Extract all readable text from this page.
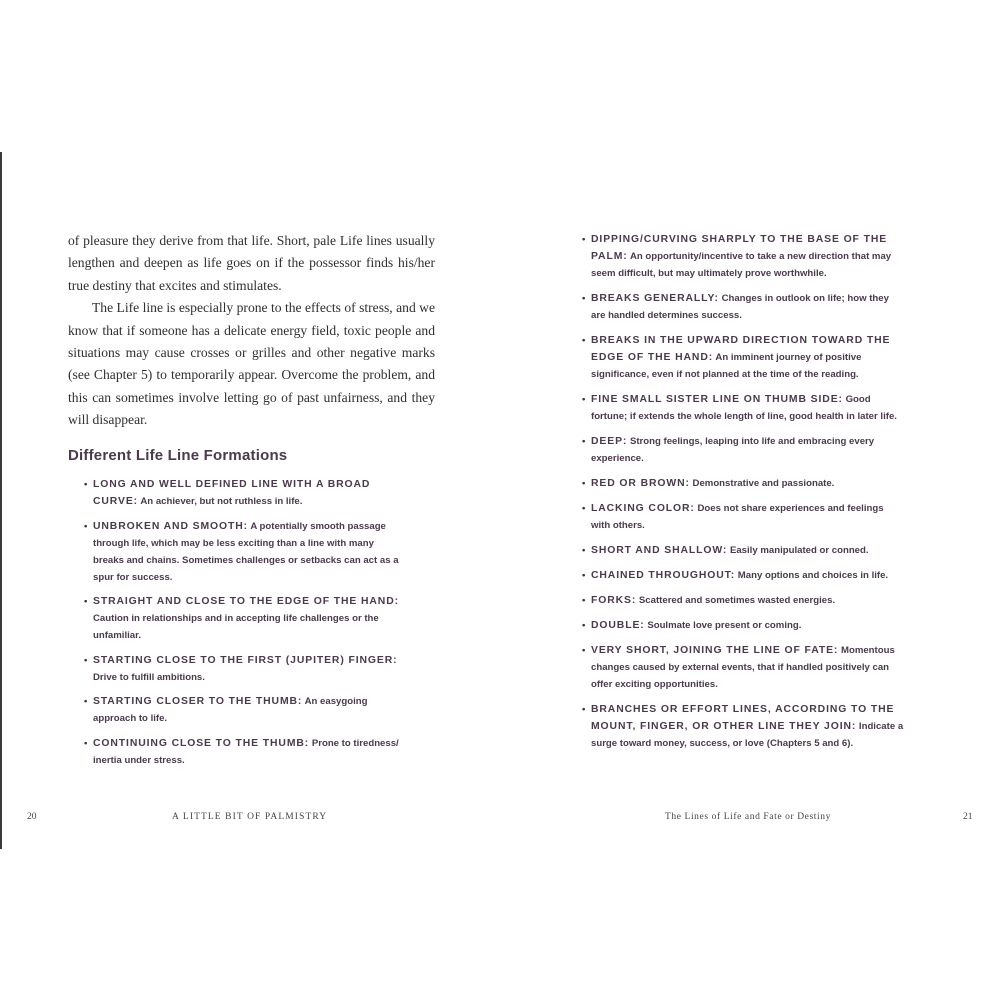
of pleasure they derive from that life. Short, pale Life lines usually lengthen and deepen as life goes on if the possessor finds his/her true destiny that excites and stimulates.

The Life line is especially prone to the effects of stress, and we know that if someone has a delicate energy field, toxic people and situations may cause crosses or grilles and other negative marks (see Chapter 5) to temporarily appear. Overcome the problem, and this can sometimes involve letting go of past unfairness, and they will disappear.

Different Life Line Formations
• LONG AND WELL DEFINED LINE WITH A BROAD CURVE: An achiever, but not ruthless in life.
• UNBROKEN AND SMOOTH: A potentially smooth passage through life, which may be less exciting than a line with many breaks and chains. Sometimes challenges or setbacks can act as a spur for success.
• STRAIGHT AND CLOSE TO THE EDGE OF THE HAND: Caution in relationships and in accepting life challenges or the unfamiliar.
• STARTING CLOSE TO THE FIRST (JUPITER) FINGER: Drive to fulfill ambitions.
• STARTING CLOSER TO THE THUMB: An easygoing approach to life.
• CONTINUING CLOSE TO THE THUMB: Prone to tiredness/ inertia under stress.
20	A LITTLE BIT OF PALMISTRY
• DIPPING/CURVING SHARPLY TO THE BASE OF THE PALM: An opportunity/incentive to take a new direction that may seem difficult, but may ultimately prove worthwhile.
• BREAKS GENERALLY: Changes in outlook on life; how they are handled determines success.
• BREAKS IN THE UPWARD DIRECTION TOWARD THE EDGE OF THE HAND: An imminent journey of positive significance, even if not planned at the time of the reading.
• FINE SMALL SISTER LINE ON THUMB SIDE: Good fortune; if extends the whole length of line, good health in later life.
• DEEP: Strong feelings, leaping into life and embracing every experience.
• RED OR BROWN: Demonstrative and passionate.
• LACKING COLOR: Does not share experiences and feelings with others.
• SHORT AND SHALLOW: Easily manipulated or conned.
• CHAINED THROUGHOUT: Many options and choices in life.
• FORKS: Scattered and sometimes wasted energies.
• DOUBLE: Soulmate love present or coming.
• VERY SHORT, JOINING THE LINE OF FATE: Momentous changes caused by external events, that if handled positively can offer exciting opportunities.
• BRANCHES OR EFFORT LINES, ACCORDING TO THE MOUNT, FINGER, OR OTHER LINE THEY JOIN: Indicate a surge toward money, success, or love (Chapters 5 and 6).
The Lines of Life and Fate or Destiny	21
